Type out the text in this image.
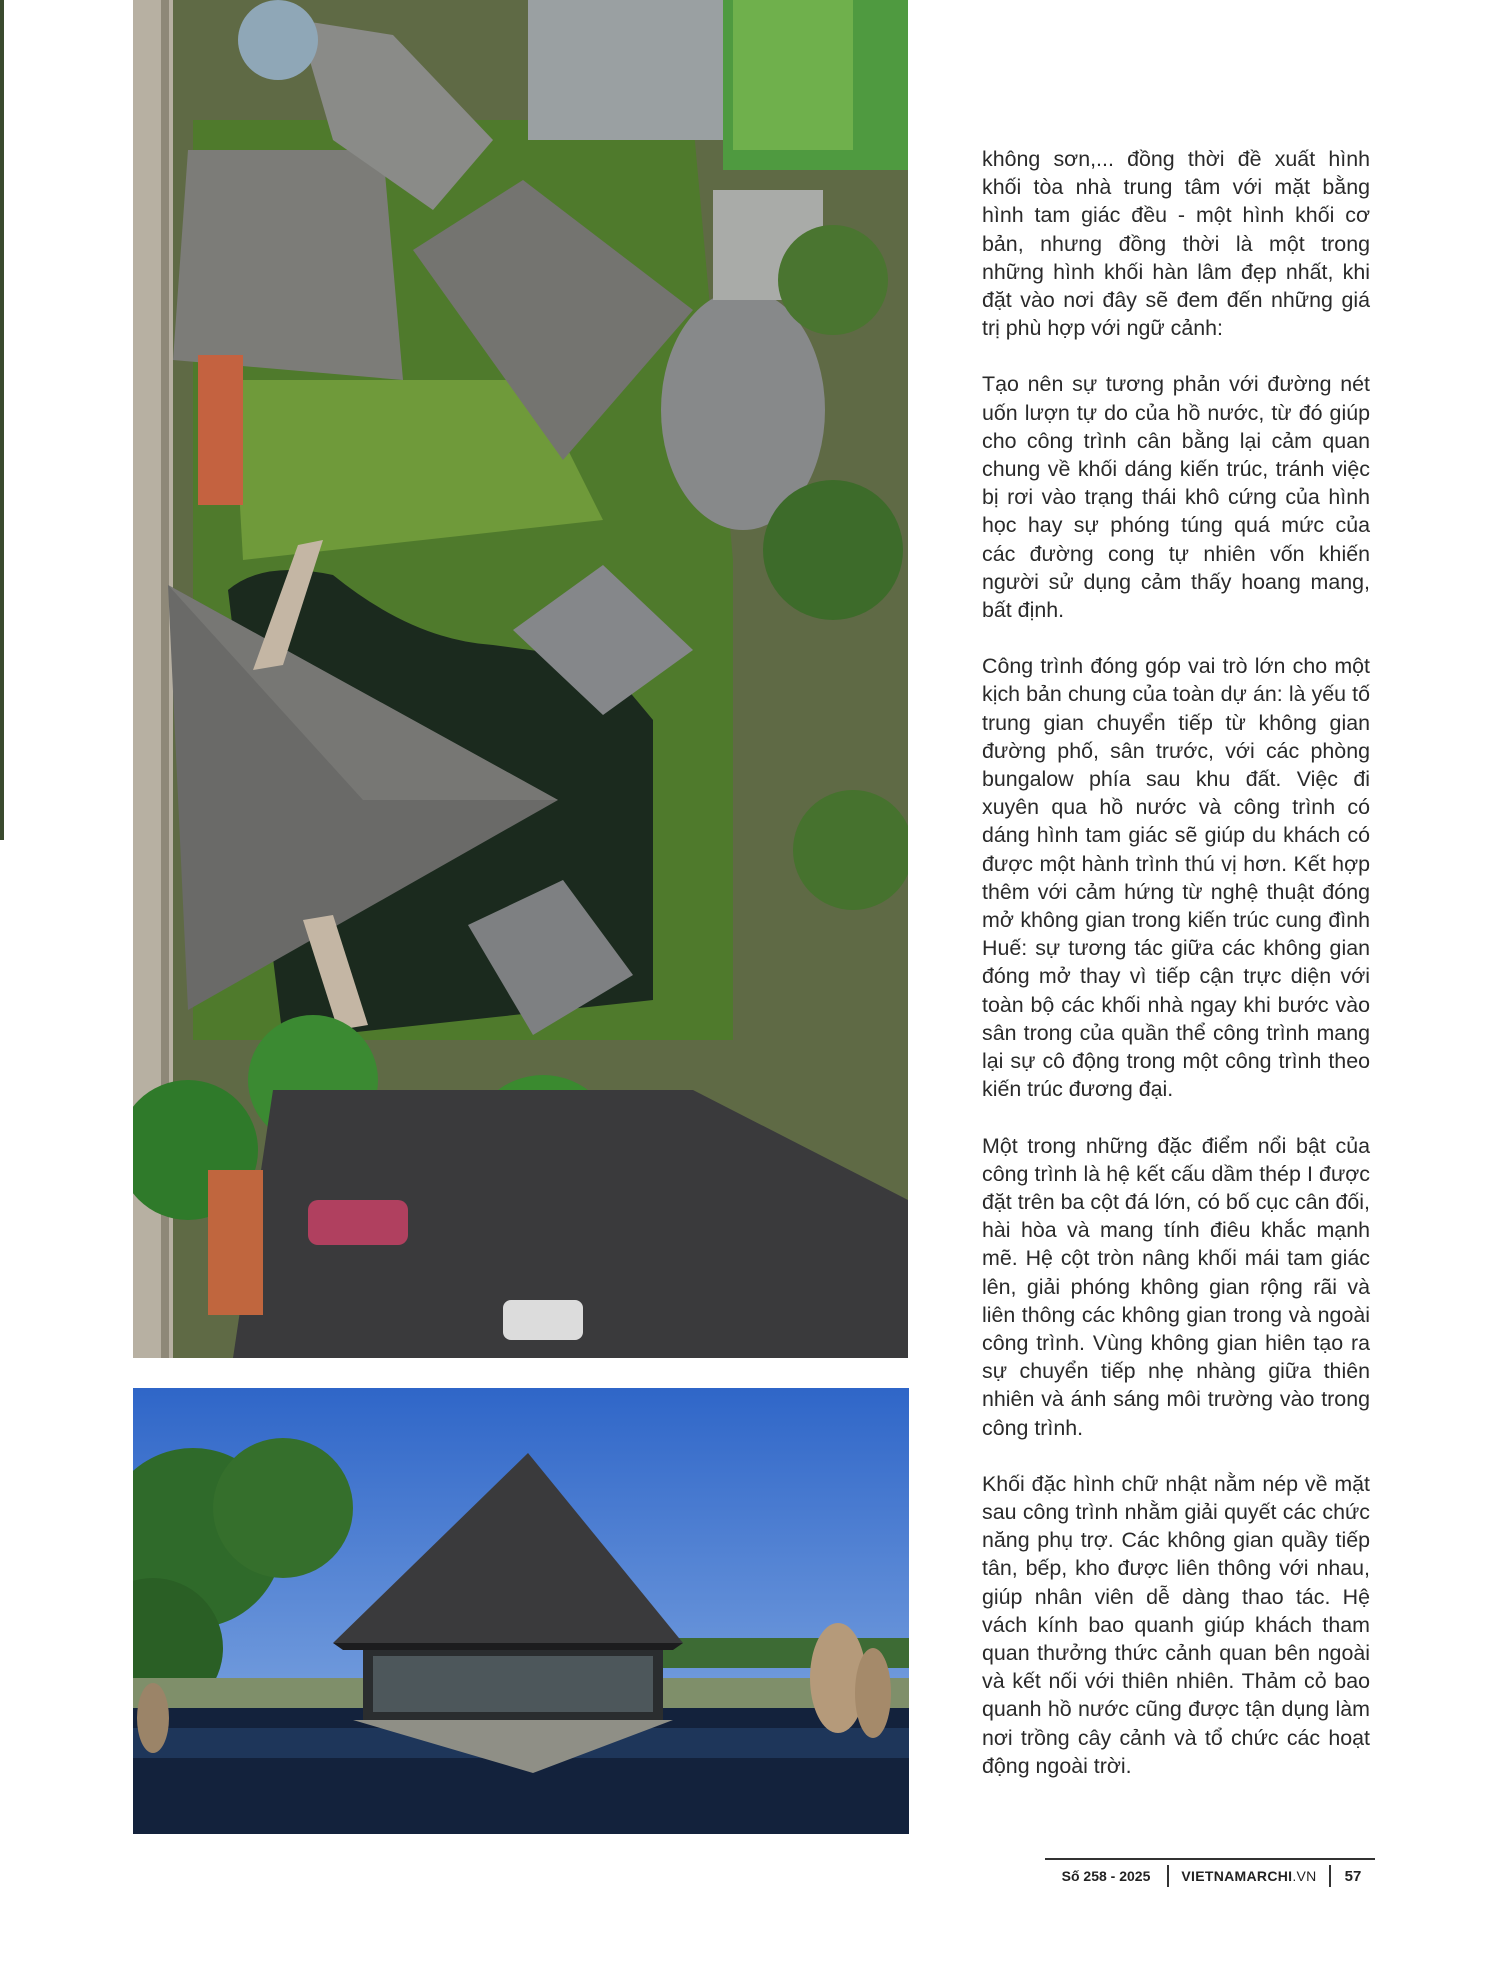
không sơn,... đồng thời đề xuất hình khối tòa nhà trung tâm với mặt bằng hình tam giác đều - một hình khối cơ bản, nhưng đồng thời là một trong những hình khối hàn lâm đẹp nhất, khi đặt vào nơi đây sẽ đem đến những giá trị phù hợp với ngữ cảnh:

Tạo nên sự tương phản với đường nét uốn lượn tự do của hồ nước, từ đó giúp cho công trình cân bằng lại cảm quan chung về khối dáng kiến trúc, tránh việc bị rơi vào trạng thái khô cứng của hình học hay sự phóng túng quá mức của các đường cong tự nhiên vốn khiến người sử dụng cảm thấy hoang mang, bất định.

Công trình đóng góp vai trò lớn cho một kịch bản chung của toàn dự án: là yếu tố trung gian chuyển tiếp từ không gian đường phố, sân trước, với các phòng bungalow phía sau khu đất. Việc đi xuyên qua hồ nước và công trình có dáng hình tam giác sẽ giúp du khách có được một hành trình thú vị hơn. Kết hợp thêm với cảm hứng từ nghệ thuật đóng mở không gian trong kiến trúc cung đình Huế: sự tương tác giữa các không gian đóng mở thay vì tiếp cận trực diện với toàn bộ các khối nhà ngay khi bước vào sân trong của quần thể công trình mang lại sự cô động trong một công trình theo kiến trúc đương đại.

Một trong những đặc điểm nổi bật của công trình là hệ kết cấu dầm thép I được đặt trên ba cột đá lớn, có bố cục cân đối, hài hòa và mang tính điêu khắc mạnh mẽ. Hệ cột tròn nâng khối mái tam giác lên, giải phóng không gian rộng rãi và liên thông các không gian trong và ngoài công trình. Vùng không gian hiên tạo ra sự chuyển tiếp nhẹ nhàng giữa thiên nhiên và ánh sáng môi trường vào trong công trình.

Khối đặc hình chữ nhật nằm nép về mặt sau công trình nhằm giải quyết các chức năng phụ trợ. Các không gian quầy tiếp tân, bếp, kho được liên thông với nhau, giúp nhân viên dễ dàng thao tác. Hệ vách kính bao quanh giúp khách tham quan thưởng thức cảnh quan bên ngoài và kết nối với thiên nhiên. Thảm cỏ bao quanh hồ nước cũng được tận dụng làm nơi trồng cây cảnh và tổ chức các hoạt động ngoài trời.

Số 258 - 2025	VIETNAMARCHI.VN	57
